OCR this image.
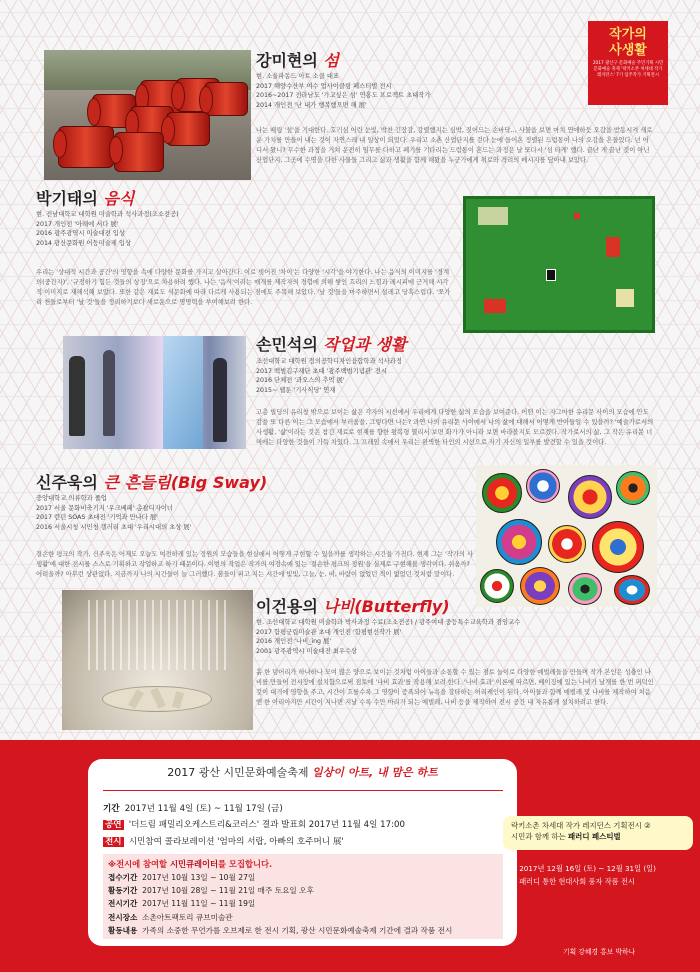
작가의
사생활
2017 광산구 문화예술 주민기획 시민문화예술 축제 '락키소촌 처세대 작가 레지던스' 7기 입주작가 기획전시
강미현의 섬
현. 소울파동드 아트 소클 대표
2017 해양수산부 여수 업사이클링 페스티벌 전시
2016~2017 전라남도 '가고싶은 섬' 연홍도 프로젝트 초대작가
2014 개인전 '난 내가 행복했으면 해 展'
나는 배링 '섬'을 기대한다. 호기심 어린 눈빛, 박찬 긴장감, 강렬했지는 심박, 짓어드는 손바닥… 사물을 보면 마치 연애하듯 오감을 받동시켜 새로운 가치를 만들어 내는 것이 자연스레 내 일상이 되었다. 우리고 소촌 산업단지를 걷다 눈에 들어온 정렬된 드럼통이 나의 오감을 흔들었다. 넌 어디서 왔니? 무수한 과정을 거쳐 운전히 임무를 다하고 폐기를 기다리는 드럼통이 흔드는 과정은 날 또다시 '섬 타게' 했다. 끝난 게 끝난 것이 아닌 산업단지, 그곳에 수명을 다한 사물들 그리고 삶과 생활을 함께 해왔을 누군가에게 위로와 격려의 메시지를 담아내 보았다.
박기태의 음식
현. 전남대학교 대학원 미술학과 석사과정(조소전공)
2017 개인전 '아래에 서다 展'
2016 광주광역시 미술대전 입상
2014 광산문화원 어등미술제 입상
우리는 '상대적 시간과 공간'의 영향을 속에 다양한 문화를 가지고 살아간다. 이로 빚어진 '차이'는 다양한 '시각'을 야기한다. 나는 음식의 이미지를 '경계의(중간자)', '규정하기 힘든 것들의 상징'으로 차용하려 했다. 나는 '음식'이라는 매개를 제작자의 경험에 의해 쌓인 흐리의 느낌과 레시피에 근거해 시각적 이미지로 재해석해 보았다. 또한 같은 재료도 식문화에 따라 다르게 사용되는 점에도 주목해 보았다. '날 것'들을 마주하면서 설레고 당혹스럽다. '쪼가리 천들로부터 '날 것'들을 정리하기보다 새로운으로 명명력을 부여해보려 한다.
손민석의 작업과 생활
조선대학교 대학원 정의공학디자인융합학과 석사과정
2017 백범김구재단 초대 '광주백범기념관' 전시
2016 단체전 '과오스의 추억 展'
2015~ 웹툰 '기사식당' 연재
고층 빌딩의 유리창 밖으로 보이는 삶은 각자의 시선에서 우리에게 다양한 삶의 모습을 보여준다. 어떤 이는 자그마한 유리문 사이의 모습에 안도감을 또 다른 이는 그 모습에서 부러움을, 그렇다면 나는? 과연 나의 유리문 사이에서 나의 삶에 대해서 어떻게 반아들일 수 있을까? '예술가로서의 사생활, '삶'이라는 것은 참긴 재료로 현재를 향한 왕복형 열리서 보면 화가가 아니라 보면 바라볼지도 모르겠다. 작가로서의 삶, 그 작은 유리문 너머에는 다양한 것들이 가득 차있다. 그 프레임 속에서 우리는 완벽한 타인의 시선으로 자기 자신의 일부를 발견할 수 있을 것이다.
신주욱의 큰 흔들림(Big Sway)
중앙대학교 의류학과 졸업
2017 서울 문화비축기지 '우크베패' 총괄디자이너
2017 런던 SOAS 초대전 '기억과 만나다 展'
2016 서울시청 시민청 갤러리 초대 '우리시대의 초상 展'
결손한 평크의 작가, 신주욱은 어제도 오늘도 여전하게 있는 정원의 모습들을 현실에서 어떻게 구현할 수 있을까를 생각하는 시간을 가진다. 현재 그는 '작가의 사생활'에 대한 전시를 스스로 기획하고 작업하고 하기 때문이다. 이번의 작업은 작가의 여정속에 있는 '결손한 평크의 정원'을 실제로 구현해볼 생각이다. 쉬움까? 어려울까? 아무런 상관없다. 지금까지 나의 시간들이 늘 그러했다. 꿈들이 퍼고 지는 시간에 빛빛, 그늘, 눈, 비, 바람이 없었던 적이 없었던 것처럼 말이다.
이건용의 나비(Butterfly)
현. 조선대학교 대학원 미술학과 박사과정 수료(조소전공) / 광주여대 중등특수교육학과 겸임교수
2017 함평군립미술관 초대 개인전 '함평현선작가 展'
2016 개인전 '나비_ing 展'
2001 광주광역시 미술대전 최우수상
흙 한 덩어리가 하나하나 모여 많은 양으로 보이는 것처럼 아이들과 소통할 수 있는 점토 놀이로 다양한 예벌레들을 만들며 작가 본인은 성충인 나비를 만들어 전시장에 설치함으로써 점토에 '나비 효과'를 작용해 보려 한다. '나비 효과' 이론에 따르면, 베이징에 있는 나비가 날개를 한 번 퍼덕인 것이 대기에 영향을 주고, 시간이 흐를수록 그 영향이 증폭되어 뉴욕을 강타하는 허리케인이 된다. 아이들과 함께 애벌레 및 나비를 제작하여 처음엔 한 아리아지만 시간이 지나면 지날 수록 수만 마리가 되는 애벌레, 나비 등을 제작하여 전시 공간 내 자유롭게 설치하려고 한다.
2017 광산 시민문화예술축제 일상이 아트, 내 맘은 하트
기간 2017년 11월 4일 (토) ~ 11월 17일 (금)
공연 '더드림 패밀리오케스트리&코러스' 결과 발표회 2017년 11월 4일 17:00
전시 시민참여 콜라보레이션 '엄마의 서랍, 아빠의 호주머니 展'
※전시에 참여할 시민큐레이터를 모집합니다.
접수기간 2017년 10월 13일 ~ 10월 27일
활동기간 2017년 10월 28일 ~ 11월 21일 매주 토요일 오후
전시기간 2017년 11월 11일 ~ 11월 19일
전시장소 소촌아트팩토리 큐브미술관
활동내용 가족의 소중한 무언가를 오브제로 한 전시 기획, 광산 시민문화예술축제 기간에 결과 작품 전시
락키소촌 차세대 작가 레지던스 기획전시 ②
시민과 함께 하는 패러디 페스티벌
기간 2017년 12월 16일 (토) ~ 12월 31일 (일)
내용 패러디 통한 현대사회 풍자 작품 전시
기획 강혜경 홍보 박하나
